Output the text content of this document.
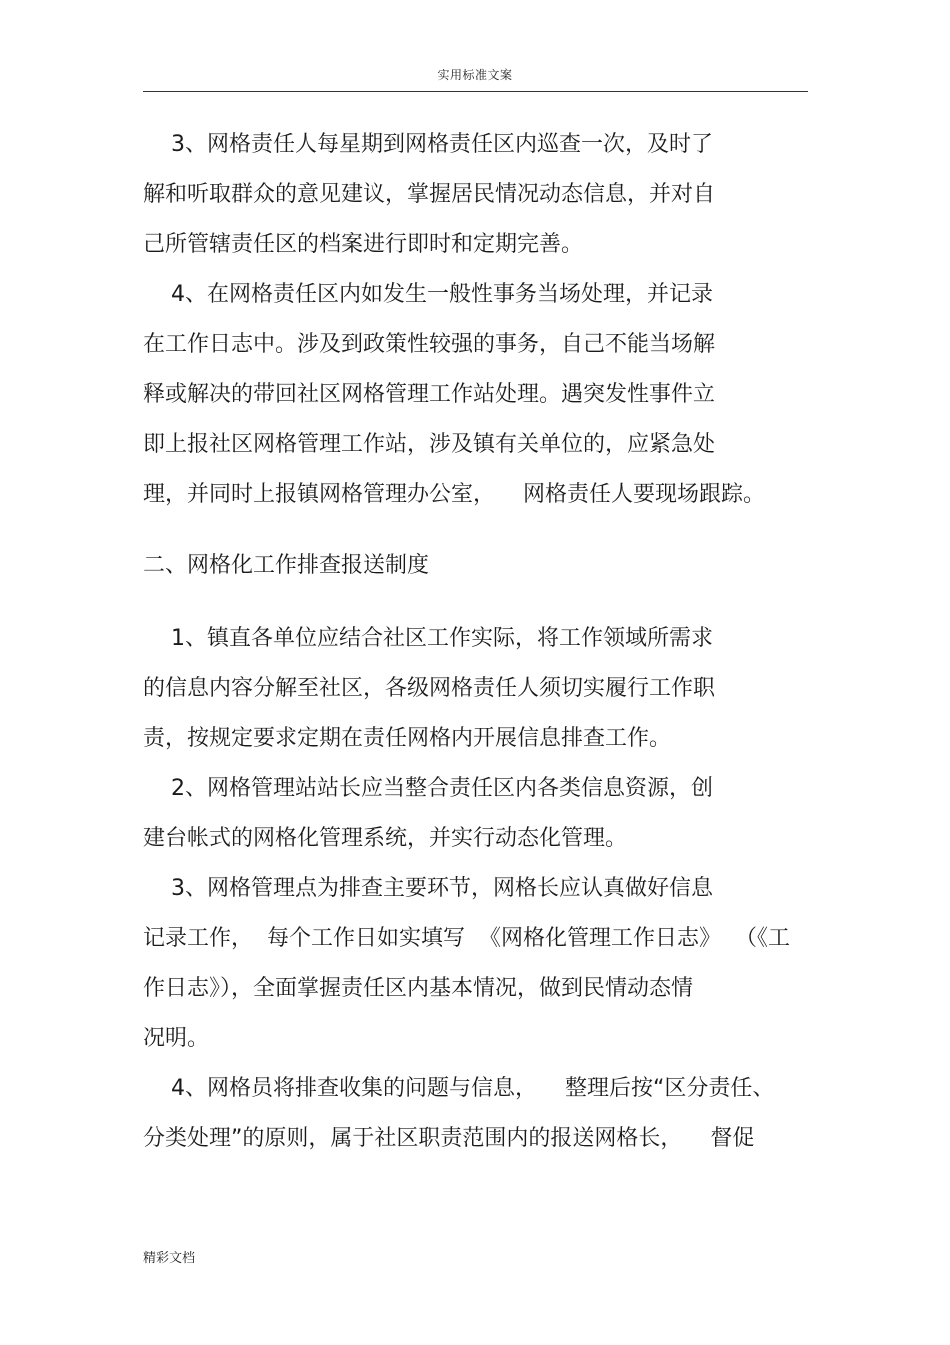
实用标准文案
3、网格责任人每星期到网格责任区内巡查一次，及时了
解和听取群众的意见建议，掌握居民情况动态信息，并对自
己所管辖责任区的档案进行即时和定期完善。
4、在网格责任区内如发生一般性事务当场处理，并记录
在工作日志中。涉及到政策性较强的事务，自己不能当场解
释或解决的带回社区网格管理工作站处理。遇突发性事件立
即上报社区网格管理工作站，涉及镇有关单位的，应紧急处
理，并同时上报镇网格管理办公室，    网格责任人要现场跟踪。
二、网格化工作排查报送制度
1、镇直各单位应结合社区工作实际，将工作领域所需求
的信息内容分解至社区，各级网格责任人须切实履行工作职
责，按规定要求定期在责任网格内开展信息排查工作。
2、网格管理站站长应当整合责任区内各类信息资源，创
建台帐式的网格化管理系统，并实行动态化管理。
3、网格管理点为排查主要环节，网格长应认真做好信息
记录工作，  每个工作日如实填写  《网格化管理工作日志》  （《工
作日志》），全面掌握责任区内基本情况，做到民情动态情
况明。
4、网格员将排查收集的问题与信息，    整理后按“区分责任、
分类处理”的原则，属于社区职责范围内的报送网格长，    督促
精彩文档
